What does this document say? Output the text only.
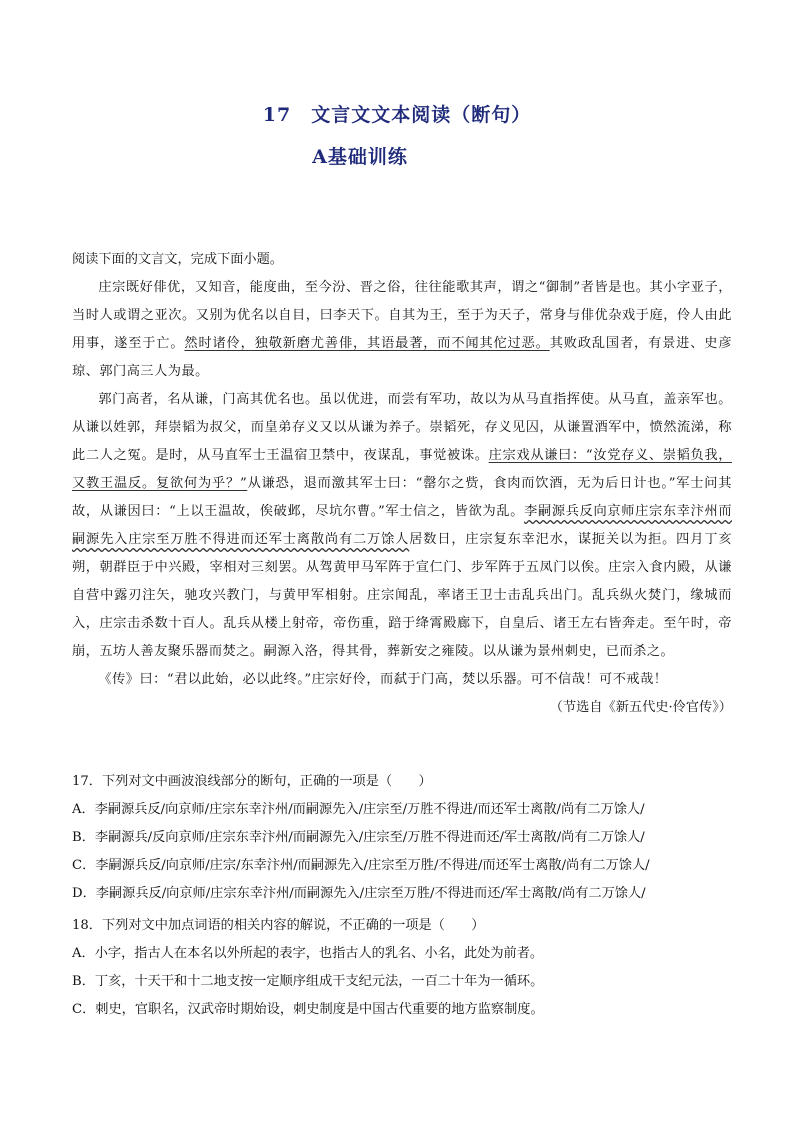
17　文言文文本阅读（断句）
A基础训练

阅读下面的文言文，完成下面小题。

庄宗既好俳优，又知音，能度曲，至今汾、晋之俗，往往能歌其声，谓之“御制”者皆是也。其小字亚子，当时人或谓之亚次。又别为优名以自目，曰李天下。自其为王，至于为天子，常身与俳优杂戏于庭，伶人由此用事，遂至于亡。然时诸伶，独敬新磨尤善俳，其语最著，而不闻其佗过恶。其败政乱国者，有景进、史彦琼、郭门高三人为最。

郭门高者，名从谦，门高其优名也。虽以优进，而尝有军功，故以为从马直指挥使。从马直，盖亲军也。从谦以姓郭，拜崇韬为叔父，而皇弟存义又以从谦为养子。崇韬死，存义见囚，从谦置酒军中，愤然流涕，称此二人之冤。是时，从马直军士王温宿卫禁中，夜谋乱，事觉被诛。庄宗戏从谦曰：“汝党存义、崇韬负我，又教王温反。复欲何为乎？”从谦恐，退而激其军士曰：“罄尔之赀，食肉而饮酒，无为后日计也。”军士问其故，从谦因曰：“上以王温故，俟破邺，尽坑尔曹。”军士信之，皆欲为乱。李嗣源兵反向京师庄宗东幸汴州而嗣源先入庄宗至万胜不得进而还军士离散尚有二万馀人居数日，庄宗复东幸汜水，谋扼关以为拒。四月丁亥朔，朝群臣于中兴殿，宰相对三刻罢。从驾黄甲马军阵于宣仁门、步军阵于五凤门以俟。庄宗入食内殿，从谦自营中露刃注矢，驰攻兴教门，与黄甲军相射。庄宗闻乱，率诸王卫士击乱兵出门。乱兵纵火焚门，缘城而入，庄宗击杀数十百人。乱兵从楼上射帝，帝伤重，踣于绛霄殿廊下，自皇后、诸王左右皆奔走。至午时，帝崩，五坊人善友聚乐器而焚之。嗣源入洛，得其骨，葬新安之雍陵。以从谦为景州刺史，已而杀之。

《传》曰：“君以此始，必以此终。”庄宗好伶，而弑于门高，焚以乐器。可不信哉！可不戒哉！

（节选自《新五代史·伶官传》）

17．下列对文中画波浪线部分的断句，正确的一项是（　　）

A．李嗣源兵反/向京师/庄宗东幸汴州/而嗣源先入/庄宗至/万胜不得进/而还军士离散/尚有二万馀人/

B．李嗣源兵/反向京师/庄宗东幸汴州/而嗣源先入/庄宗至/万胜不得进而还/军士离散/尚有二万馀人/

C．李嗣源兵反/向京师/庄宗/东幸汴州/而嗣源先入/庄宗至万胜/不得进/而还军士离散/尚有二万馀人/

D．李嗣源兵反/向京师/庄宗东幸汴州/而嗣源先入/庄宗至万胜/不得进而还/军士离散/尚有二万馀人/

18．下列对文中加点词语的相关内容的解说，不正确的一项是（　　）

A．小字，指古人在本名以外所起的表字，也指古人的乳名、小名，此处为前者。

B．丁亥，十天干和十二地支按一定顺序组成干支纪元法，一百二十年为一循环。

C．刺史，官职名，汉武帝时期始设，刺史制度是中国古代重要的地方监察制度。
